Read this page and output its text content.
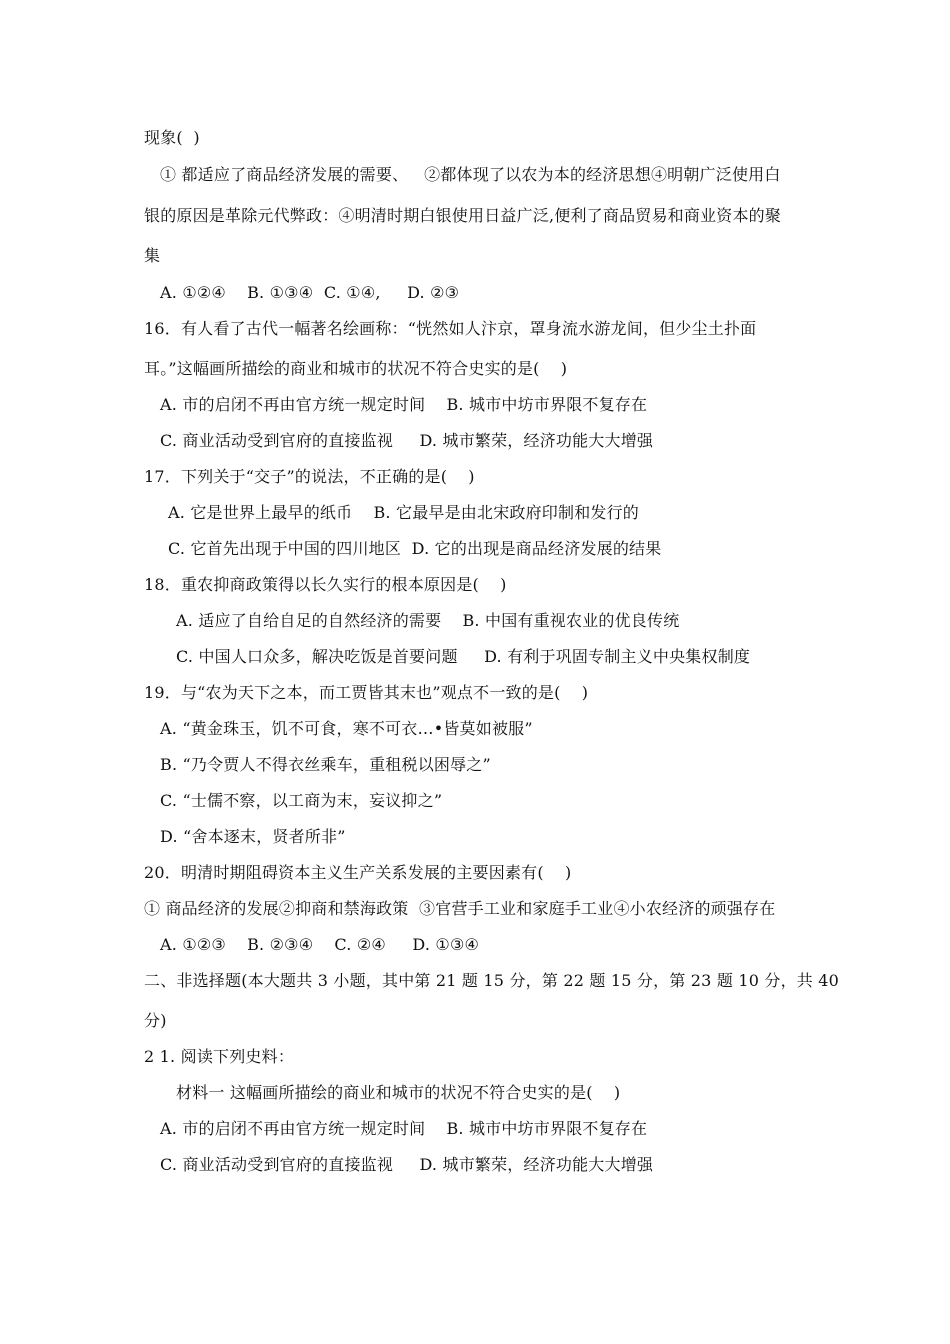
现象(  )
① 都适应了商品经济发展的需要、   ②都体现了以农为本的经济思想④明朝广泛使用白
银的原因是革除元代弊政：④明清时期白银使用日益广泛,便利了商品贸易和商业资本的聚
集
A. ①②④    B. ①③④  C. ①④,     D. ②③
16．有人看了古代一幅著名绘画称：“恍然如人汴京，罩身流水游龙间，但少尘土扑面
耳。”这幅画所描绘的商业和城市的状况不符合史实的是(    )
A. 市的启闭不再由官方统一规定时间    B. 城市中坊市界限不复存在
C. 商业活动受到官府的直接监视     D. 城市繁荣，经济功能大大增强
17．下列关于“交子”的说法，不正确的是(    )
A. 它是世界上最早的纸币    B. 它最早是由北宋政府印制和发行的
C. 它首先出现于中国的四川地区  D. 它的出现是商品经济发展的结果
18．重农抑商政策得以长久实行的根本原因是(    )
A. 适应了自给自足的自然经济的需要    B. 中国有重视农业的优良传统
C. 中国人口众多，解决吃饭是首要问题     D. 有利于巩固专制主义中央集权制度
19．与“农为天下之本，而工贾皆其末也”观点不一致的是(    )
A. “黄金珠玉，饥不可食，寒不可衣…•皆莫如被服”
B. “乃令贾人不得衣丝乘车，重租税以困辱之”
C. “士儒不察，以工商为末，妄议抑之”
D. “舍本逐末，贤者所非”
20．明清时期阻碍资本主义生产关系发展的主要因素有(    )
① 商品经济的发展②抑商和禁海政策  ③官营手工业和家庭手工业④小农经济的顽强存在
A. ①②③    B. ②③④    C. ②④     D. ①③④
二、非选择题(本大题共 3 小题，其中第 21 题 15 分，第 22 题 15 分，第 23 题 10 分，共 40
分)
2 1. 阅读下列史料：
材料一 这幅画所描绘的商业和城市的状况不符合史实的是(    )
A. 市的启闭不再由官方统一规定时间    B. 城市中坊市界限不复存在
C. 商业活动受到官府的直接监视     D. 城市繁荣，经济功能大大增强
